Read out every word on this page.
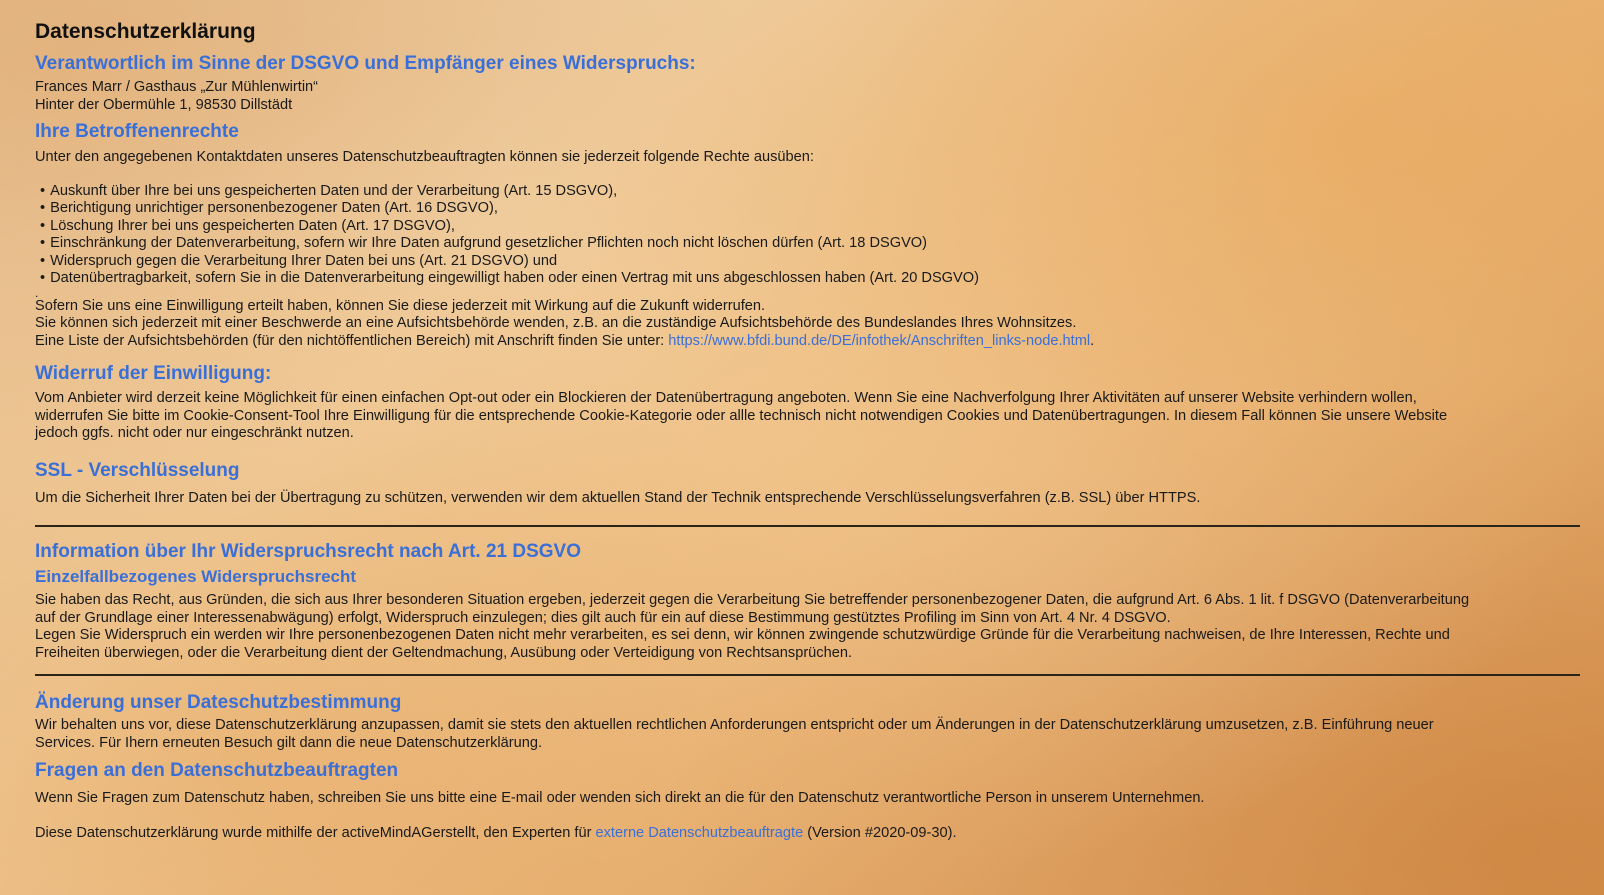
Datenschutzerklärung
Verantwortlich im Sinne der DSGVO und Empfänger eines Widerspruchs:

Frances Marr / Gasthaus „Zur Mühlenwirtin“

Hinter der Obermühle 1, 98530 Dillstädt

Ihre Betroffenenrechte

Unter den angegebenen Kontaktdaten unseres Datenschutzbeauftragten können sie jederzeit folgende Rechte ausüben:

• Auskunft über Ihre bei uns gespeicherten Daten und der Verarbeitung (Art. 15 DSGVO),
• Berichtigung unrichtiger personenbezogener Daten (Art. 16 DSGVO),
• Löschung Ihrer bei uns gespeicherten Daten (Art. 17 DSGVO),
• Einschränkung der Datenverarbeitung, sofern wir Ihre Daten aufgrund gesetzlicher Pflichten noch nicht löschen dürfen (Art. 18 DSGVO)
• Widerspruch gegen die Verarbeitung Ihrer Daten bei uns (Art. 21 DSGVO) und
• Datenübertragbarkeit, sofern Sie in die Datenverarbeitung eingewilligt haben oder einen Vertrag mit uns abgeschlossen haben (Art. 20 DSGVO)

.

Sofern Sie uns eine Einwilligung erteilt haben, können Sie diese jederzeit mit Wirkung auf die Zukunft widerrufen.

Sie können sich jederzeit mit einer Beschwerde an eine Aufsichtsbehörde wenden, z.B. an die zuständige Aufsichtsbehörde des Bundeslandes Ihres Wohnsitzes.

Eine Liste der Aufsichtsbehörden (für den nichtöffentlichen Bereich) mit Anschrift finden Sie unter: https://www.bfdi.bund.de/DE/infothek/Anschriften_links-node.html.

Widerruf der Einwilligung:

Vom Anbieter wird derzeit keine Möglichkeit für einen einfachen Opt-out oder ein Blockieren der Datenübertragung angeboten. Wenn Sie eine Nachverfolgung Ihrer Aktivitäten auf unserer Website verhindern wollen,

widerrufen Sie bitte im Cookie-Consent-Tool Ihre Einwilligung für die entsprechende Cookie-Kategorie oder allle technisch nicht notwendigen Cookies und Datenübertragungen. In diesem Fall können Sie unsere Website

jedoch ggfs. nicht oder nur eingeschränkt nutzen.

SSL - Verschlüsselung

Um die Sicherheit Ihrer Daten bei der Übertragung zu schützen, verwenden wir dem aktuellen Stand der Technik entsprechende Verschlüsselungsverfahren (z.B. SSL) über HTTPS.

Information über Ihr Widerspruchsrecht nach Art. 21 DSGVO
Einzelfallbezogenes Widerspruchsrecht

Sie haben das Recht, aus Gründen, die sich aus Ihrer besonderen Situation ergeben, jederzeit gegen die Verarbeitung Sie betreffender personenbezogener Daten, die aufgrund Art. 6 Abs. 1 lit. f DSGVO (Datenverarbeitung

auf der Grundlage einer Interessenabwägung) erfolgt, Widerspruch einzulegen; dies gilt auch für ein auf diese Bestimmung gestütztes Profiling im Sinn von Art. 4 Nr. 4 DSGVO.

Legen Sie Widerspruch ein werden wir Ihre personenbezogenen Daten nicht mehr verarbeiten, es sei denn, wir können zwingende schutzwürdige Gründe für die Verarbeitung nachweisen, de Ihre Interessen, Rechte und

Freiheiten überwiegen, oder die Verarbeitung dient der Geltendmachung, Ausübung oder Verteidigung von Rechtsansprüchen.

Änderung unser Dateschutzbestimmung

Wir behalten uns vor, diese Datenschutzerklärung anzupassen, damit sie stets den aktuellen rechtlichen Anforderungen entspricht oder um Änderungen in der Datenschutzerklärung umzusetzen, z.B. Einführung neuer

Services. Für Ihern erneuten Besuch gilt dann die neue Datenschutzerklärung.

Fragen an den Datenschutzbeauftragten

Wenn Sie Fragen zum Datenschutz haben, schreiben Sie uns bitte eine E-mail oder wenden sich direkt an die für den Datenschutz verantwortliche Person in unserem Unternehmen.

Diese Datenschutzerklärung wurde mithilfe der activeMindAGerstellt, den Experten für externe Datenschutzbeauftragte (Version #2020-09-30).
